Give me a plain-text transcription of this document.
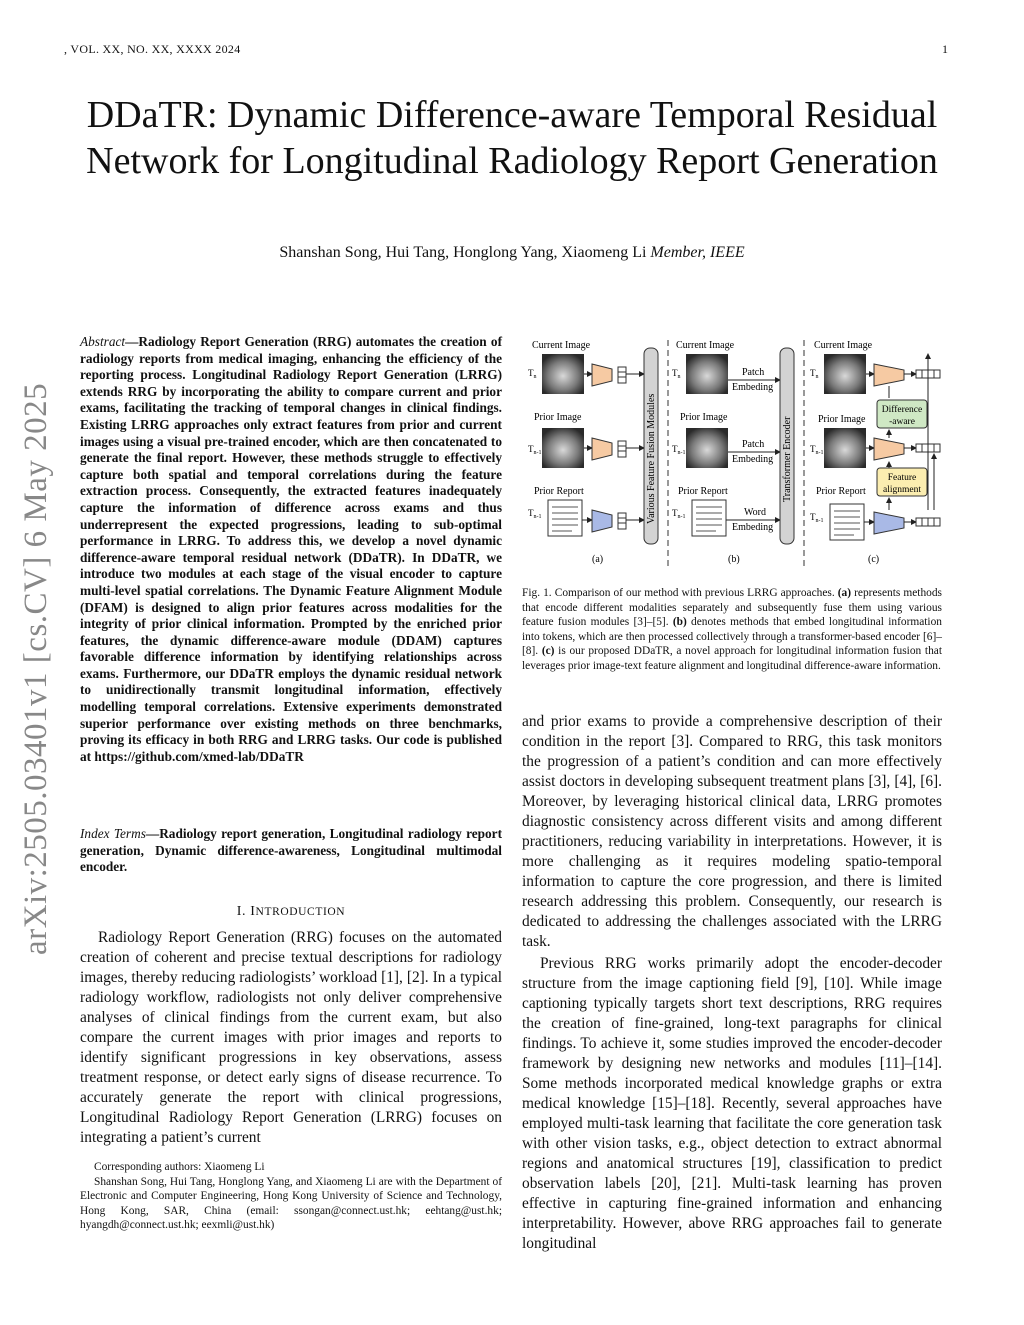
, VOL. XX, NO. XX, XXXX 2024	1
DDaTR: Dynamic Difference-aware Temporal Residual Network for Longitudinal Radiology Report Generation
Shanshan Song, Hui Tang, Honglong Yang, Xiaomeng Li Member, IEEE
arXiv:2505.03401v1 [cs.CV] 6 May 2025
Abstract—Radiology Report Generation (RRG) automates the creation of radiology reports from medical imaging, enhancing the efficiency of the reporting process. Longitudinal Radiology Report Generation (LRRG) extends RRG by incorporating the ability to compare current and prior exams, facilitating the tracking of temporal changes in clinical findings. Existing LRRG approaches only extract features from prior and current images using a visual pre-trained encoder, which are then concatenated to generate the final report. However, these methods struggle to effectively capture both spatial and temporal correlations during the feature extraction process. Consequently, the extracted features inadequately capture the information of difference across exams and thus underrepresent the expected progressions, leading to sub-optimal performance in LRRG. To address this, we develop a novel dynamic difference-aware temporal residual network (DDaTR). In DDaTR, we introduce two modules at each stage of the visual encoder to capture multi-level spatial correlations. The Dynamic Feature Alignment Module (DFAM) is designed to align prior features across modalities for the integrity of prior clinical information. Prompted by the enriched prior features, the dynamic difference-aware module (DDAM) captures favorable difference information by identifying relationships across exams. Furthermore, our DDaTR employs the dynamic residual network to unidirectionally transmit longitudinal information, effectively modelling temporal correlations. Extensive experiments demonstrated superior performance over existing methods on three benchmarks, proving its efficacy in both RRG and LRRG tasks. Our code is published at https://github.com/xmed-lab/DDaTR
Index Terms—Radiology report generation, Longitudinal radiology report generation, Dynamic difference-awareness, Longitudinal multimodal encoder.
I. INTRODUCTION
Radiology Report Generation (RRG) focuses on the automated creation of coherent and precise textual descriptions for radiology images, thereby reducing radiologists’ workload [1], [2]. In a typical radiology workflow, radiologists not only deliver comprehensive analyses of clinical findings from the current exam, but also compare the current images with prior images and reports to identify significant progressions in key observations, assess treatment response, or detect early signs of disease recurrence. To accurately generate the report with clinical progressions, Longitudinal Radiology Report Generation (LRRG) focuses on integrating a patient’s current
Corresponding authors: Xiaomeng Li
Shanshan Song, Hui Tang, Honglong Yang, and Xiaomeng Li are with the Department of Electronic and Computer Engineering, Hong Kong University of Science and Technology, Hong Kong, SAR, China (email: ssongan@connect.ust.hk; eehtang@ust.hk; hyangdh@connect.ust.hk; eexmli@ust.hk)
Current Image
$T_n$
Prior Image
$T_{n-1}$
Prior Report
$T_{n-1}$	Various Feature Fusion Modules
(a)
Current Image
$T_n$	Patch
Embeding
Prior Image
$T_{n-1}$
Patch
Embeding
Prior Report
$T_{n-1}$	Word
Embeding
Transformer Encoder
(b)
Current Image
$T_n$
Prior Image
$T_{n-1}$
Difference
-aware
Feature
alignment
Prior Report
$T_{n-1}$
(c)
Fig. 1. Comparison of our method with previous LRRG approaches. (a) represents methods that encode different modalities separately and subsequently fuse them using various feature fusion modules [3]–[5]. (b) denotes methods that embed longitudinal information into tokens, which are then processed collectively through a transformer-based encoder [6]–[8]. (c) is our proposed DDaTR, a novel approach for longitudinal information fusion that leverages prior image-text feature alignment and longitudinal difference-aware information.
and prior exams to provide a comprehensive description of their condition in the report [3]. Compared to RRG, this task monitors the progression of a patient’s condition and can more effectively assist doctors in developing subsequent treatment plans [3], [4], [6]. Moreover, by leveraging historical clinical data, LRRG promotes diagnostic consistency across different visits and among different practitioners, reducing variability in interpretations. However, it is more challenging as it requires modeling spatio-temporal information to capture the core progression, and there is limited research addressing this problem. Consequently, our research is dedicated to addressing the challenges associated with the LRRG task.
Previous RRG works primarily adopt the encoder-decoder structure from the image captioning field [9], [10]. While image captioning typically targets short text descriptions, RRG requires the creation of fine-grained, long-text paragraphs for clinical findings. To achieve it, some studies improved the encoder-decoder framework by designing new networks and modules [11]–[14]. Some methods incorporated medical knowledge graphs or extra medical knowledge [15]–[18]. Recently, several approaches have employed multi-task learning that facilitate the core generation task with other vision tasks, e.g., object detection to extract abnormal regions and anatomical structures [19], classification to predict observation labels [20], [21]. Multi-task learning has proven effective in capturing fine-grained information and enhancing interpretability. However, above RRG approaches fail to generate longitudinal
